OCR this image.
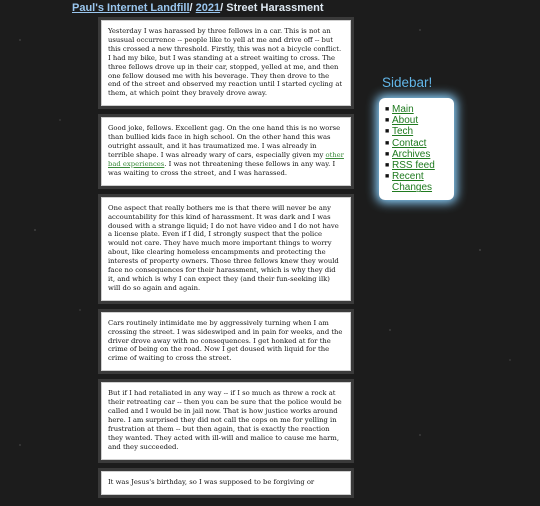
Paul's Internet Landfill/ 2021/ Street Harassment
Yesterday I was harassed by three fellows in a car. This is not an ususual occurrence -- people like to yell at me and drive off -- but this crossed a new threshold. Firstly, this was not a bicycle conflict. I had my bike, but I was standing at a street waiting to cross. The three fellows drove up in their car, stopped, yelled at me, and then one fellow doused me with his beverage. They then drove to the end of the street and observed my reaction until I started cycling at them, at which point they bravely drove away.
Good joke, fellows. Excellent gag. On the one hand this is no worse than bullied kids face in high school. On the other hand this was outright assault, and it has traumatized me. I was already in terrible shape. I was already wary of cars, especially given my other bad experiences. I was not threatening these fellows in any way. I was waiting to cross the street, and I was harassed.
One aspect that really bothers me is that there will never be any accountability for this kind of harassment. It was dark and I was doused with a strange liquid; I do not have video and I do not have a license plate. Even if I did, I strongly suspect that the police would not care. They have much more important things to worry about, like clearing homeless encampments and protecting the interests of property owners. Those three fellows knew they would face no consequences for their harassment, which is why they did it, and which is why I can expect they (and their fun-seeking ilk) will do so again and again.
Cars routinely intimidate me by aggressively turning when I am crossing the street. I was sideswiped and in pain for weeks, and the driver drove away with no consequences. I get honked at for the crime of being on the road. Now I get doused with liquid for the crime of waiting to cross the street.
But if I had retaliated in any way -- if I so much as threw a rock at their retreating car -- then you can be sure that the police would be called and I would be in jail now. That is how justice works around here. I am surprised they did not call the cops on me for yelling in frustration at them -- but then again, that is exactly the reaction they wanted. They acted with ill-will and malice to cause me harm, and they succeeded.
It was Jesus's birthday, so I was supposed to be forgiving or
Sidebar!
■ Main
■ About
■ Tech
■ Contact
■ Archives
■ RSS feed
■ Recent Changes
